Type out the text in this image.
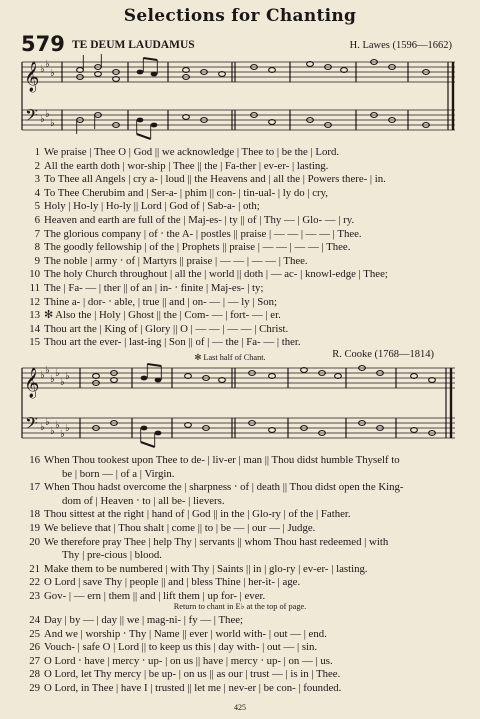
Selections for Chanting
579 TE DEUM LAUDAMUS	H. Lawes (1596—1662)
𝄞
𝄢
♭ ♭
♭
♭ ♭
♭
1 We praise | Thee O | God || we acknowledge | Thee to | be the | Lord.
2 All the earth doth | wor-ship | Thee || the | Fa-ther | ev-er- | lasting.
3 To Thee all Angels | cry a- | loud || the Heavens and | all the | Powers there- | in.
4 To Thee Cherubim and | Ser-a- | phim || con- | tin-ual- | ly do | cry,
5 Holy | Ho-ly | Ho-ly || Lord | God of | Sab-a- | oth;
6 Heaven and earth are full of the | Maj-es- | ty || of | Thy — | Glo- — | ry.
7 The glorious company | of ‧ the A- | postles || praise | — — | — — | Thee.
8 The goodly fellowship | of the | Prophets || praise | — — | — — | Thee.
9 The noble | army ‧ of | Martyrs || praise | — — | — — | Thee.
10 The holy Church throughout | all the | world || doth | — ac- | knowl-edge | Thee;
11 The | Fa- — | ther || of an | in- ‧ finite | Maj-es- | ty;
12 Thine a- | dor- ‧ able, | true || and | on- — | — ly | Son;
13 ✻ Also the | Holy | Ghost || the | Com- — | fort- — | er.
14 Thou art the | King of | Glory || O | — — | — — | Christ.
15 Thou art the ever- | last-ing | Son || of | — the | Fa- — | ther.
✻ Last half of Chant.	R. Cooke (1768—1814)
𝄞
𝄢
♭ ♭
♭
♭
♭
♭
♭ ♭
♭
♭
♭
♭
16 When Thou tookest upon Thee to de- | liv-er | man || Thou didst humble Thyself to
be | born — | of a | Virgin.
17 When Thou hadst overcome the | sharpness ‧ of | death || Thou didst open the King-
dom of | Heaven ‧ to | all be- | lievers.
18 Thou sittest at the right | hand of | God || in the | Glo-ry | of the | Father.
19 We believe that | Thou shalt | come || to | be — | our — | Judge.
20 We therefore pray Thee | help Thy | servants || whom Thou hast redeemed | with
Thy | pre-cious | blood.
21 Make them to be numbered | with Thy | Saints || in | glo-ry | ev-er- | lasting.
22 O Lord | save Thy | people || and | bless Thine | her-it- | age.
23 Gov- | — ern | them || and | lift them | up for- | ever.
Return to chant in E♭ at the top of page.
24 Day | by — | day || we | mag-ni- | fy — | Thee;
25 And we | worship ‧ Thy | Name || ever | world with- | out — | end.
26 Vouch- | safe O | Lord || to keep us this | day with- | out — | sin.
27 O Lord ‧ have | mercy ‧ up- | on us || have | mercy ‧ up- | on — | us.
28 O Lord, let Thy mercy | be up- | on us || as our | trust — | is in | Thee.
29 O Lord, in Thee | have I | trusted || let me | nev-er | be con- | founded.
425
